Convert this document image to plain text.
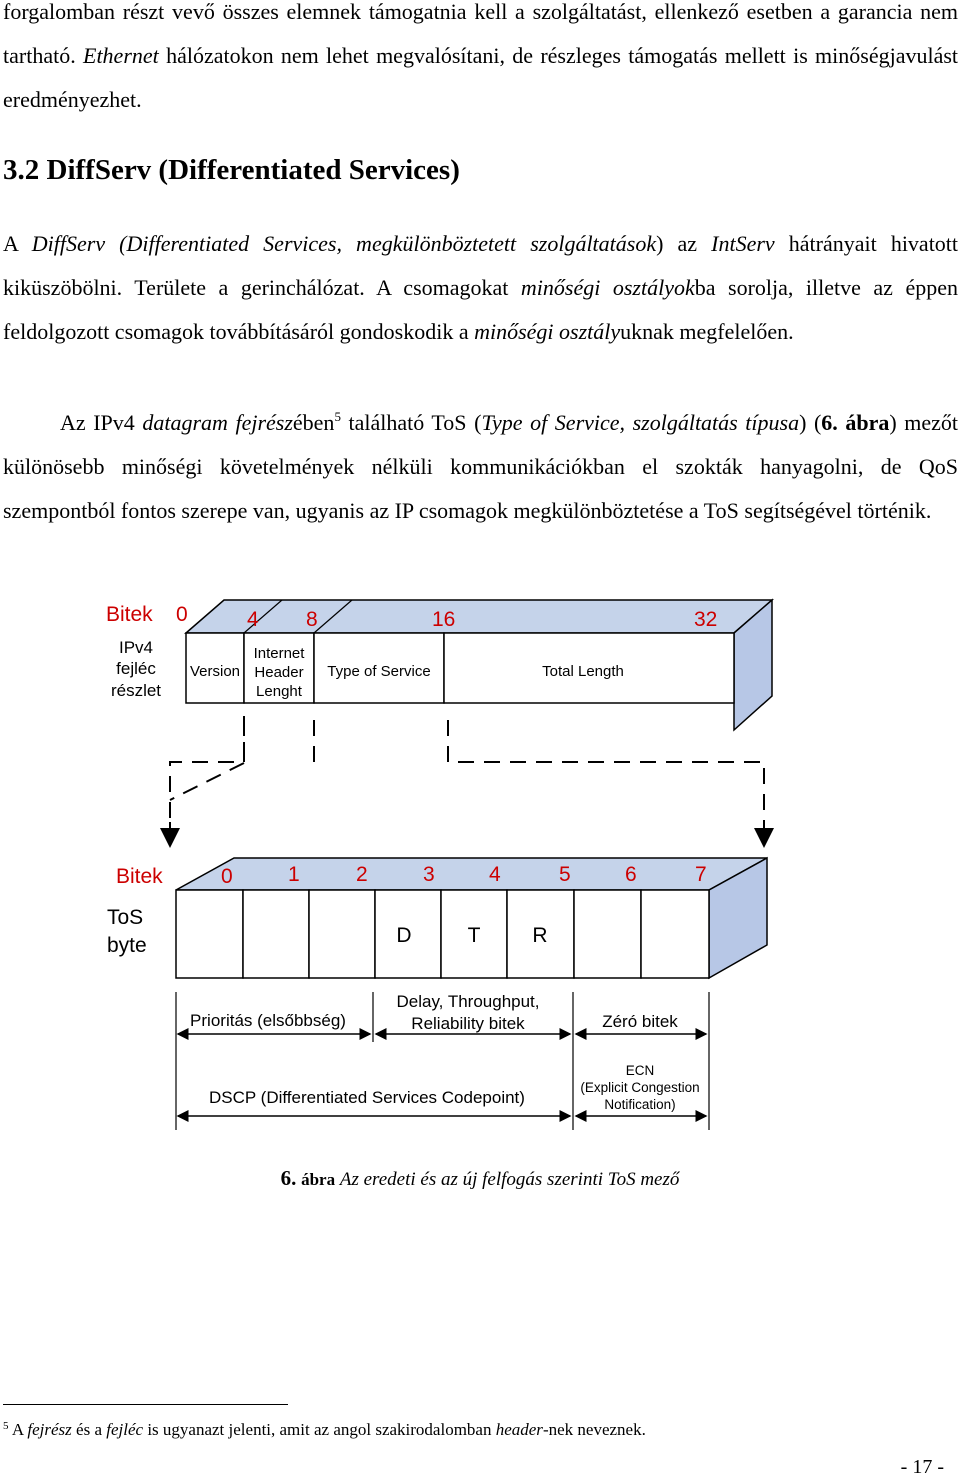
forgalomban részt vevő összes elemnek támogatnia kell a szolgáltatást, ellenkező esetben a garancia nem tartható. Ethernet hálózatokon nem lehet megvalósítani, de részleges támogatás mellett is minőségjavulást eredményezhet.
3.2 DiffServ (Differentiated Services)
A DiffServ (Differentiated Services, megkülönböztetett szolgáltatások) az IntServ hátrányait hivatott kiküszöbölni. Területe a gerinchálózat. A csomagokat minőségi osztályokba sorolja, illetve az éppen feldolgozott csomagok továbbításáról gondoskodik a minőségi osztályuknak megfelelően.
Az IPv4 datagram fejrészében$^5$ található ToS (Type of Service, szolgáltatás típusa) (6. ábra) mezőt különösebb minőségi követelmények nélküli kommunikációkban el szokták hanyagolni, de QoS szempontból fontos szerepe van, ugyanis az IP csomagok megkülönböztetése a ToS segítségével történik.
Bitek 0	4 8	16	32
IPv4
fejléc
részlet
Version
Internet
Header
Lenght
Type of Service	Total Length
Bitek	0	1	2	3	4	5	6	7
ToS
byte	D	T R
Prioritás (elsőbbség)
Delay, Throughput,
Reliability bitek	Zéró bitek
DSCP (Differentiated Services Codepoint)
ECN
(Explicit Congestion
Notification)
6. ábra Az eredeti és az új felfogás szerinti ToS mező
$^5$ A fejrész és a fejléc is ugyanazt jelenti, amit az angol szakirodalomban header-nek neveznek.
- 17 -
